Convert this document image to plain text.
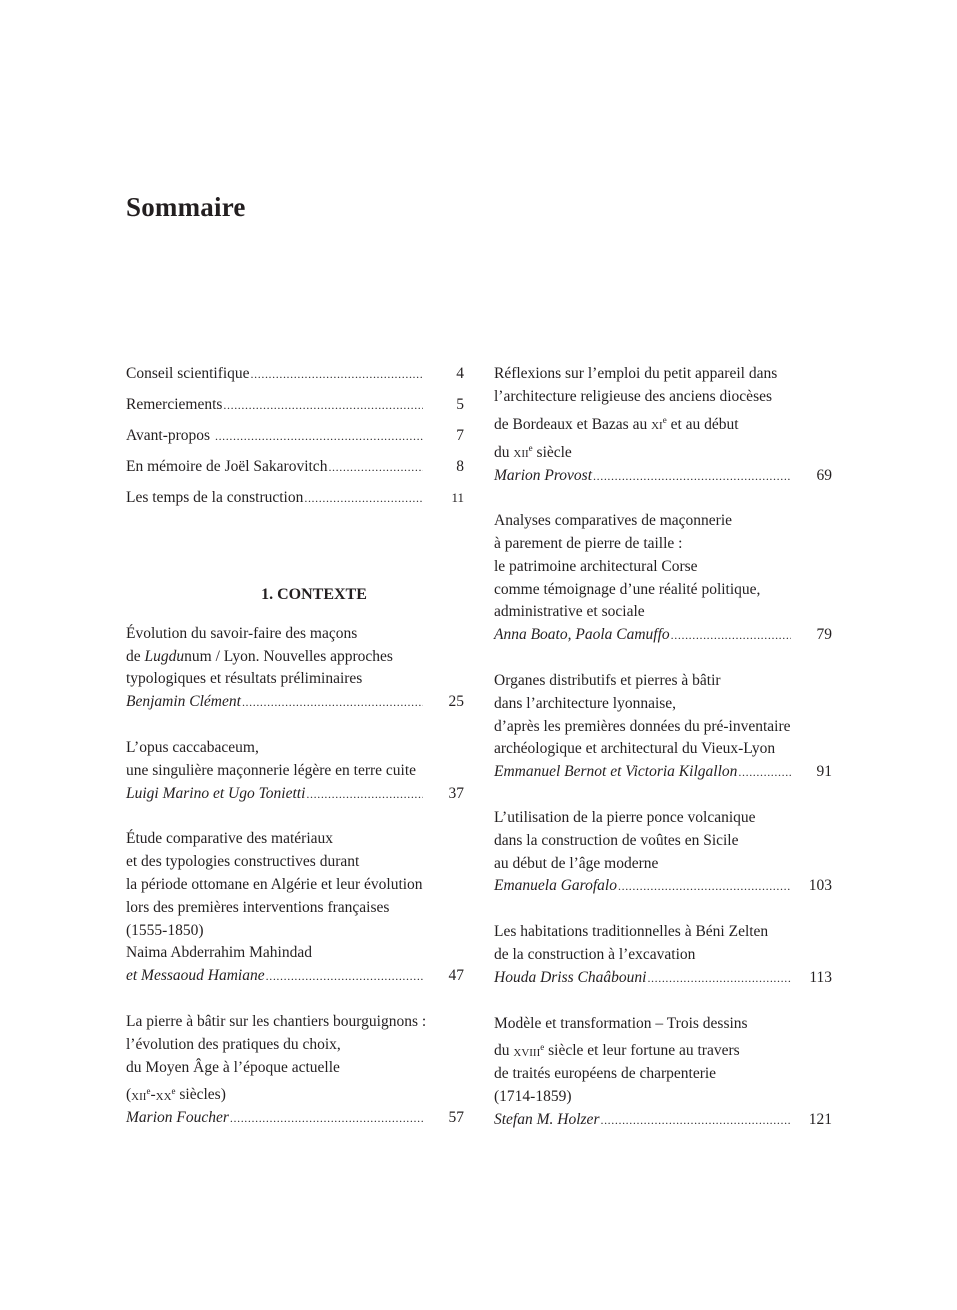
Sommaire
Conseil scientifique .....	4
Remerciements .....	5
Avant-propos .....	7
En mémoire de Joël Sakarovitch .....	8
Les temps de la construction .....	11
1. CONTEXTE
Évolution du savoir-faire des maçons
de Lugdunum / Lyon. Nouvelles approches
typologiques et résultats préliminaires
Benjamin Clément .....	25
L’opus caccabaceum,
une singulière maçonnerie légère en terre cuite
Luigi Marino et Ugo Tonietti .....	37
Étude comparative des matériaux
et des typologies constructives durant
la période ottomane en Algérie et leur évolution
lors des premières interventions françaises
(1555-1850)
Naima Abderrahim Mahindad
et Messaoud Hamiane .....	47
La pierre à bâtir sur les chantiers bourguignons :
l’évolution des pratiques du choix,
du Moyen Âge à l’époque actuelle
($xii^e-xx^e$ siècles)
Marion Foucher .....	57
Réflexions sur l’emploi du petit appareil dans
l’architecture religieuse des anciens diocèses
de Bordeaux et Bazas au $xi^e$ et au début
du xii$^e$ siècle
Marion Provost .....	69
Analyses comparatives de maçonnerie
à parement de pierre de taille :
le patrimoine architectural Corse
comme témoignage d’une réalité politique,
administrative et sociale
Anna Boato, Paola Camuffo .....	79
Organes distributifs et pierres à bâtir
dans l’architecture lyonnaise,
d’après les premières données du pré-inventaire
archéologique et architectural du Vieux-Lyon
Emmanuel Bernot et Victoria Kilgallon .....	91
L’utilisation de la pierre ponce volcanique
dans la construction de voûtes en Sicile
au début de l’âge moderne
Emanuela Garofalo .....	103
Les habitations traditionnelles à Béni Zelten
de la construction à l’excavation
Houda Driss Chaâbouni .....	113
Modèle et transformation – Trois dessins
du xviii$^e$ siècle et leur fortune au travers
de traités européens de charpenterie
(1714-1859)
Stefan M. Holzer .....	121
